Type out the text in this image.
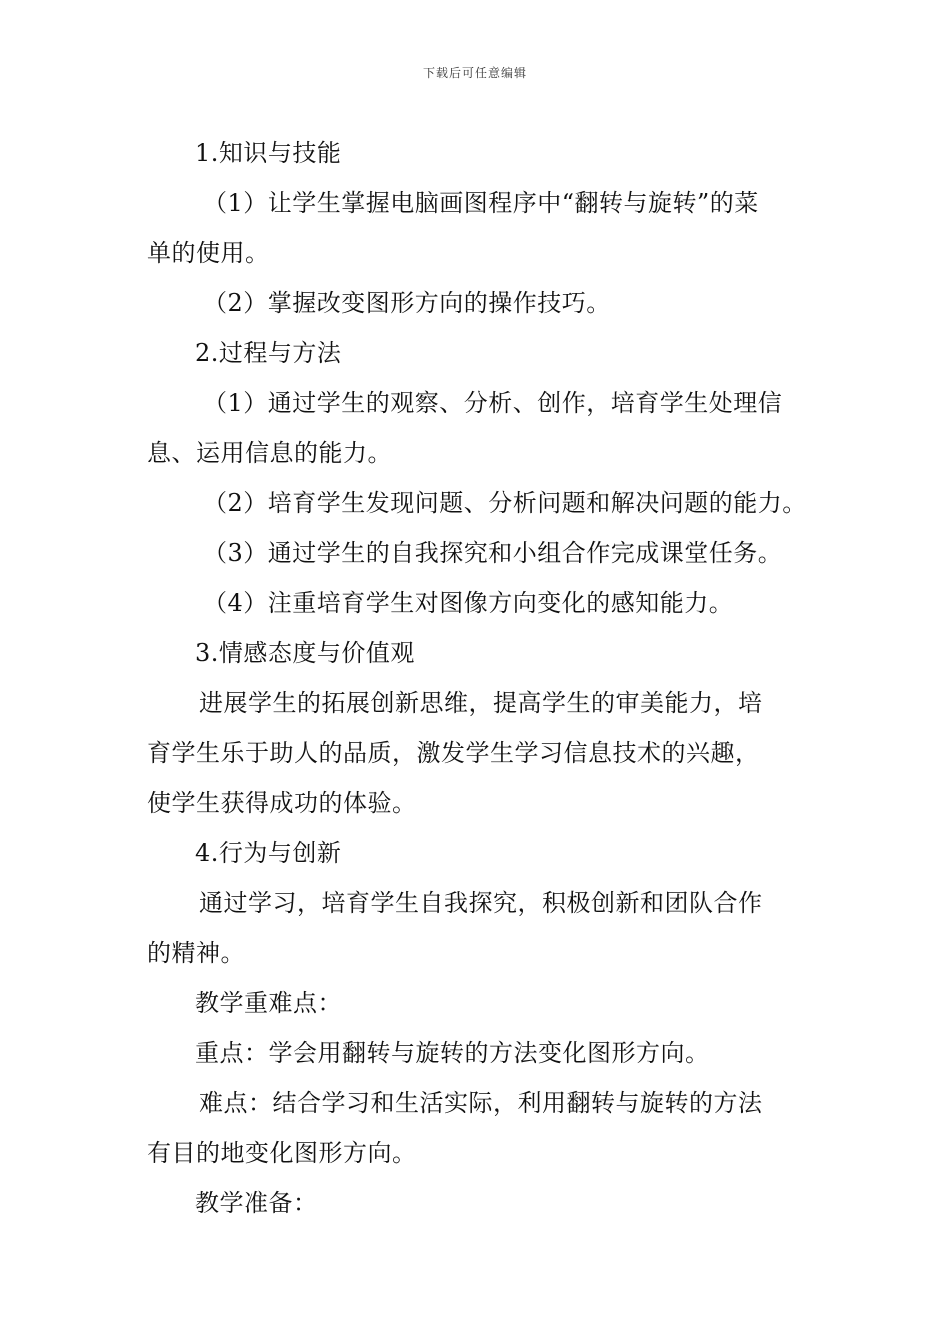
下载后可任意编辑
1.知识与技能
（1）让学生掌握电脑画图程序中“翻转与旋转”的菜
单的使用。
（2）掌握改变图形方向的操作技巧。
2.过程与方法
（1）通过学生的观察、分析、创作，培育学生处理信
息、运用信息的能力。
（2）培育学生发现问题、分析问题和解决问题的能力。
（3）通过学生的自我探究和小组合作完成课堂任务。
（4）注重培育学生对图像方向变化的感知能力。
3.情感态度与价值观
进展学生的拓展创新思维，提高学生的审美能力，培
育学生乐于助人的品质，激发学生学习信息技术的兴趣，
使学生获得成功的体验。
4.行为与创新
通过学习，培育学生自我探究，积极创新和团队合作
的精神。
教学重难点：
重点：学会用翻转与旋转的方法变化图形方向。
难点：结合学习和生活实际，利用翻转与旋转的方法
有目的地变化图形方向。
教学准备：
